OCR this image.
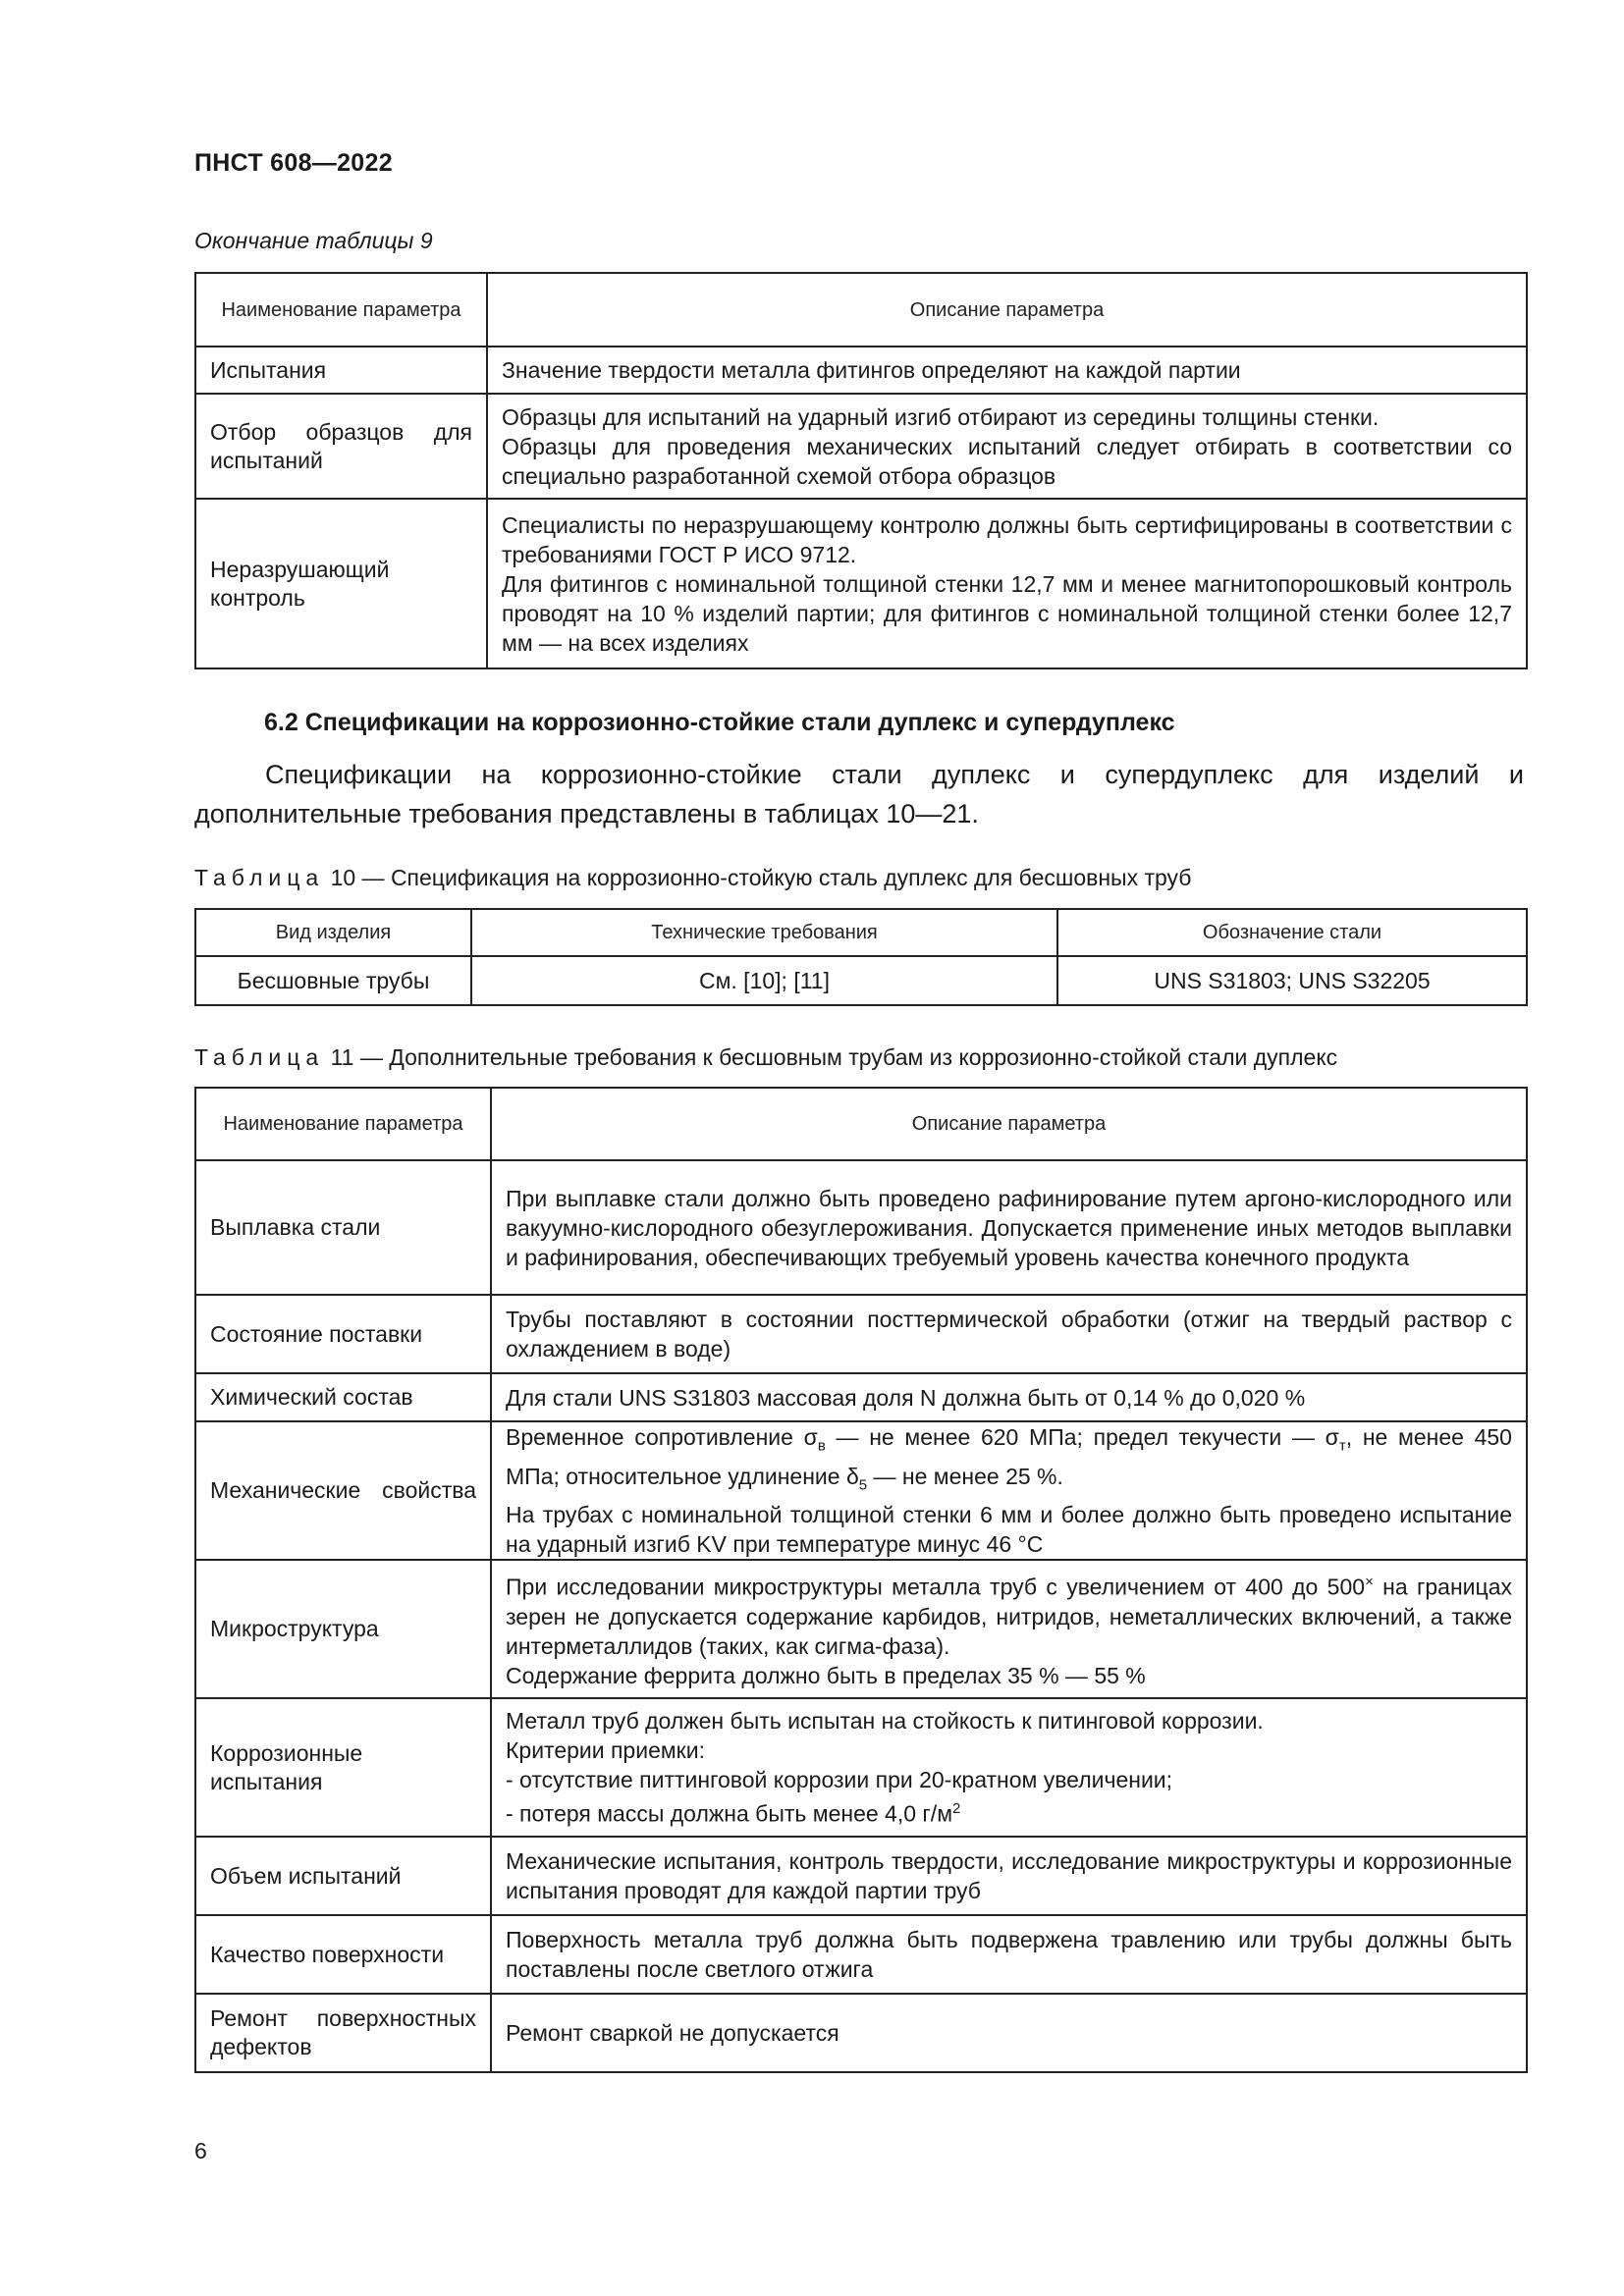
ПНСТ 608—2022
Окончание таблицы 9
Наименование параметра	Описание параметра
Испытания	Значение твердости металла фитингов определяют на каждой партии

Отбор образцов для испытаний	Образцы для испытаний на ударный изгиб отбирают из середины толщины стенки.
Образцы для проведения механических испытаний следует отбирать в соответствии со специально разработанной схемой отбора образцов

Неразрушающий контроль	Специалисты по неразрушающему контролю должны быть сертифицированы в соответствии с требованиями ГОСТ Р ИСО 9712.
Для фитингов с номинальной толщиной стенки 12,7 мм и менее магнитопорошковый контроль проводят на 10 % изделий партии; для фитингов с номинальной толщиной стенки более 12,7 мм — на всех изделиях
6.2 Спецификации на коррозионно-стойкие стали дуплекс и супердуплекс
Спецификации на коррозионно-стойкие стали дуплекс и супердуплекс для изделий и дополнительные требования представлены в таблицах 10—21.
Таблица 10 — Спецификация на коррозионно-стойкую сталь дуплекс для бесшовных труб
Вид изделия	Технические требования	Обозначение стали
Бесшовные трубы	См. [10]; [11]	UNS S31803; UNS S32205
Таблица 11 — Дополнительные требования к бесшовным трубам из коррозионно-стойкой стали дуплекс
Наименование параметра	Описание параметра
Выплавка стали	При выплавке стали должно быть проведено рафинирование путем аргоно-кислородного или вакуумно-кислородного обезуглероживания. Допускается применение иных методов выплавки и рафинирования, обеспечивающих требуемый уровень качества конечного продукта
Состояние поставки	Трубы поставляют в состоянии посттермической обработки (отжиг на твердый раствор с охлаждением в воде)
Химический состав	Для стали UNS S31803 массовая доля N должна быть от 0,14 % до 0,020 %
Механические свойства	Временное сопротивление $\sigma_в$ — не менее 620 МПа; предел текучести — $\sigma_т$, не менее 450 МПа; относительное удлинение $\delta_5$ — не менее 25 %.
На трубах с номинальной толщиной стенки 6 мм и более должно быть проведено испытание на ударный изгиб KV при температуре минус 46 °C

Микроструктура	При исследовании микроструктуры металла труб с увеличением от 400 до 500× на границах зерен не допускается содержание карбидов, нитридов, неметаллических включений, а также интерметаллидов (таких, как сигма-фаза).
Содержание феррита должно быть в пределах 35 % — 55 %

Коррозионные испытания	Металл труб должен быть испытан на стойкость к питинговой коррозии.
Критерии приемки:
- отсутствие питтинговой коррозии при 20-кратном увеличении;
- потеря массы должна быть менее 4,0 $г/м^2$

Объем испытаний	Механические испытания, контроль твердости, исследование микроструктуры и коррозионные испытания проводят для каждой партии труб
Качество поверхности	Поверхность металла труб должна быть подвержена травлению или трубы должны быть поставлены после светлого отжига
Ремонт поверхностных дефектов	Ремонт сваркой не допускается
6
